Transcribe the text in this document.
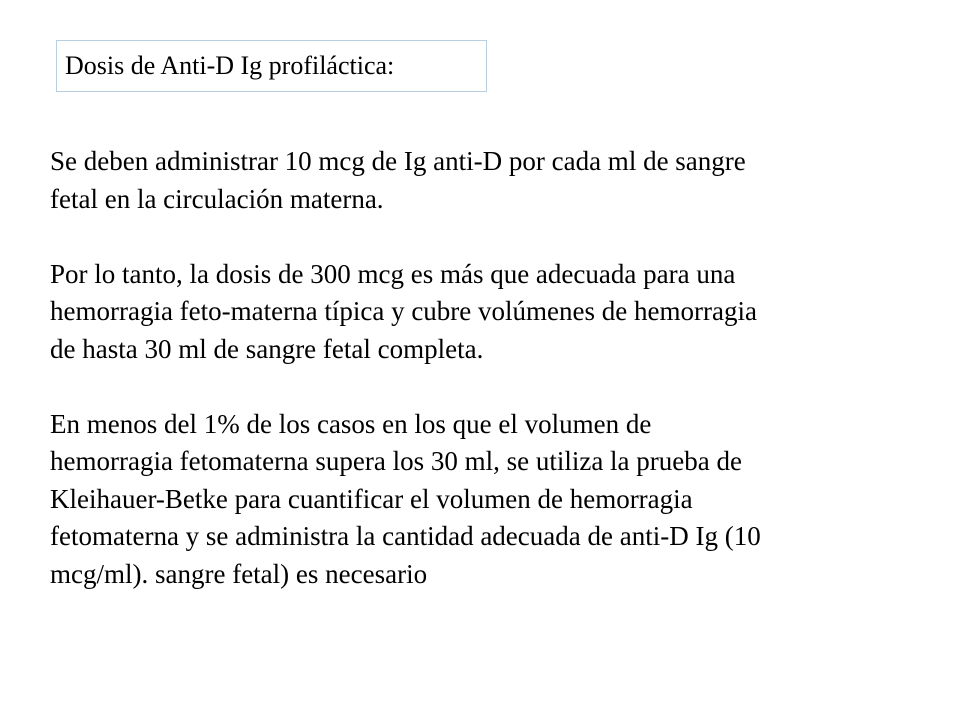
Dosis de Anti-D Ig profiláctica:

Se deben administrar 10 mcg de Ig anti-D por cada ml de sangre
fetal en la circulación materna.

Por lo tanto, la dosis de 300 mcg es más que adecuada para una
hemorragia feto-materna típica y cubre volúmenes de hemorragia
de hasta 30 ml de sangre fetal completa.

En menos del 1% de los casos en los que el volumen de
hemorragia fetomaterna supera los 30 ml, se utiliza la prueba de
Kleihauer-Betke para cuantificar el volumen de hemorragia
fetomaterna y se administra la cantidad adecuada de anti-D Ig (10
mcg/ml). sangre fetal) es necesario
